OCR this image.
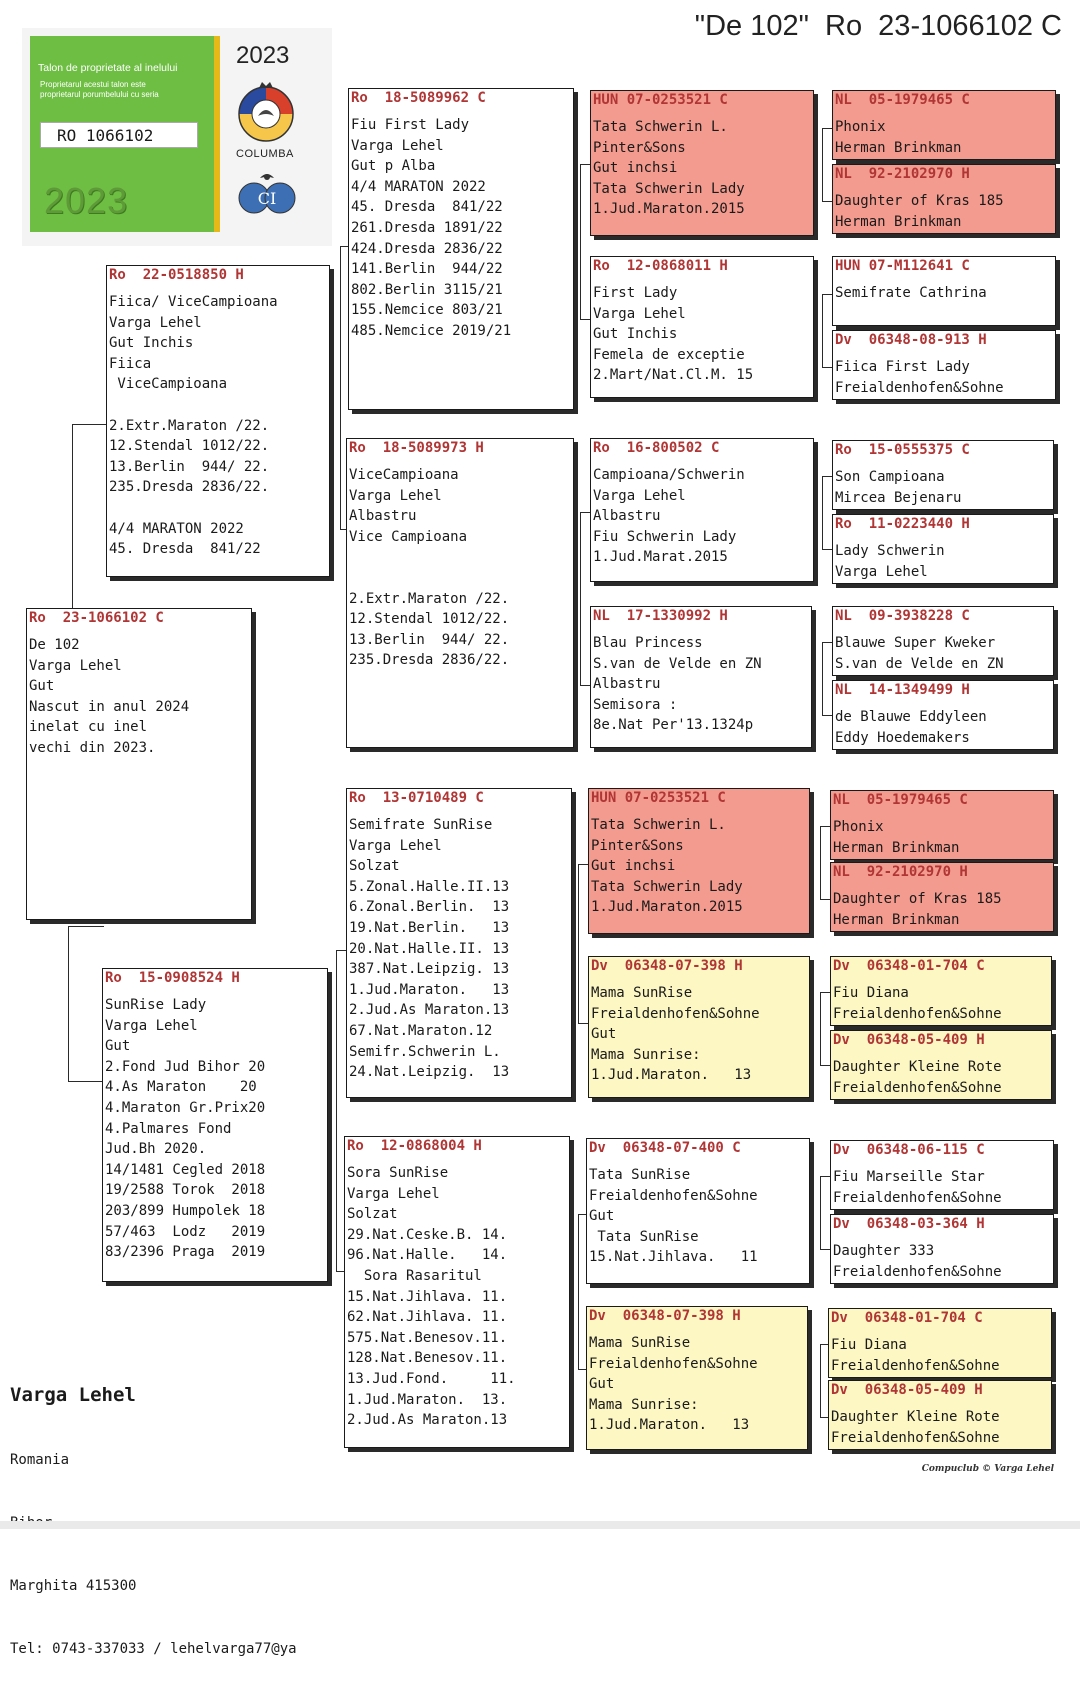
"De 102"  Ro  23-1066102 C
Talon de proprietate al inelului
Proprietarul acestui talon este
proprietarul porumbelului cu seria
RO 1066102
2023
2023
COLUMBA
CI
Ro  23-1066102 C
De 102
Varga Lehel
Gut
Nascut in anul 2024
inelat cu inel
vechi din 2023.
Ro  22-0518850 H
Fiica/ ViceCampioana
Varga Lehel
Gut Inchis
Fiica
ViceCampioana
2.Extr.Maraton /22.
12.Stendal 1012/22.
13.Berlin  944/ 22.
235.Dresda 2836/22.
4/4 MARATON 2022
45. Dresda  841/22
Ro  15-0908524 H
SunRise Lady
Varga Lehel
Gut
2.Fond Jud Bihor 20
4.As Maraton    20
4.Maraton Gr.Prix20
4.Palmares Fond
Jud.Bh 2020.
14/1481 Cegled 2018
19/2588 Torok  2018
203/899 Humpolek 18
57/463  Lodz   2019
83/2396 Praga  2019
Ro  18-5089962 C
Fiu First Lady
Varga Lehel
Gut p Alba
4/4 MARATON 2022
45. Dresda  841/22
261.Dresda 1891/22
424.Dresda 2836/22
141.Berlin  944/22
802.Berlin 3115/21
155.Nemcice 803/21
485.Nemcice 2019/21
Ro  18-5089973 H
ViceCampioana
Varga Lehel
Albastru
Vice Campioana
2.Extr.Maraton /22.
12.Stendal 1012/22.
13.Berlin  944/ 22.
235.Dresda 2836/22.
Ro  13-0710489 C
Semifrate SunRise
Varga Lehel
Solzat
5.Zonal.Halle.II.13
6.Zonal.Berlin.  13
19.Nat.Berlin.   13
20.Nat.Halle.II. 13
387.Nat.Leipzig. 13
1.Jud.Maraton.   13
2.Jud.As Maraton.13
67.Nat.Maraton.12
Semifr.Schwerin L.
24.Nat.Leipzig.  13
Ro  12-0868004 H
Sora SunRise
Varga Lehel
Solzat
29.Nat.Ceske.B. 14.
96.Nat.Halle.   14.
Sora Rasaritul
15.Nat.Jihlava. 11.
62.Nat.Jihlava. 11.
575.Nat.Benesov.11.
128.Nat.Benesov.11.
13.Jud.Fond.     11.
1.Jud.Maraton.  13.
2.Jud.As Maraton.13
HUN 07-0253521 C
Tata Schwerin L.
Pinter&Sons
Gut inchsi
Tata Schwerin Lady
1.Jud.Maraton.2015
Ro  12-0868011 H
First Lady
Varga Lehel
Gut Inchis
Femela de exceptie
2.Mart/Nat.Cl.M. 15
Ro  16-800502 C
Campioana/Schwerin
Varga Lehel
Albastru
Fiu Schwerin Lady
1.Jud.Marat.2015
NL  17-1330992 H
Blau Princess
S.van de Velde en ZN
Albastru
Semisora :
8e.Nat Per'13.1324p
HUN 07-0253521 C
Tata Schwerin L.
Pinter&Sons
Gut inchsi
Tata Schwerin Lady
1.Jud.Maraton.2015
Dv  06348-07-398 H
Mama SunRise
Freialdenhofen&Sohne
Gut
Mama Sunrise:
1.Jud.Maraton.   13
Dv  06348-07-400 C
Tata SunRise
Freialdenhofen&Sohne
Gut
Tata SunRise
15.Nat.Jihlava.   11
Dv  06348-07-398 H
Mama SunRise
Freialdenhofen&Sohne
Gut
Mama Sunrise:
1.Jud.Maraton.   13
NL  05-1979465 C
Phonix
Herman Brinkman
NL  92-2102970 H
Daughter of Kras 185
Herman Brinkman
HUN 07-M112641 C
Semifrate Cathrina
Dv  06348-08-913 H
Fiica First Lady
Freialdenhofen&Sohne
Ro  15-0555375 C
Son Campioana
Mircea Bejenaru
Ro  11-0223440 H
Lady Schwerin
Varga Lehel
NL  09-3938228 C
Blauwe Super Kweker
S.van de Velde en ZN
NL  14-1349499 H
de Blauwe Eddyleen
Eddy Hoedemakers
NL  05-1979465 C
Phonix
Herman Brinkman
NL  92-2102970 H
Daughter of Kras 185
Herman Brinkman
Dv  06348-01-704 C
Fiu Diana
Freialdenhofen&Sohne
Dv  06348-05-409 H
Daughter Kleine Rote
Freialdenhofen&Sohne
Dv  06348-06-115 C
Fiu Marseille Star
Freialdenhofen&Sohne
Dv  06348-03-364 H
Daughter 333
Freialdenhofen&Sohne
Dv  06348-01-704 C
Fiu Diana
Freialdenhofen&Sohne
Dv  06348-05-409 H
Daughter Kleine Rote
Freialdenhofen&Sohne

Varga Lehel

Romania

Marghita 415300

Tel: 0743-337033 / lehelvarga77@ya

Compuclub © Varga Lehel
